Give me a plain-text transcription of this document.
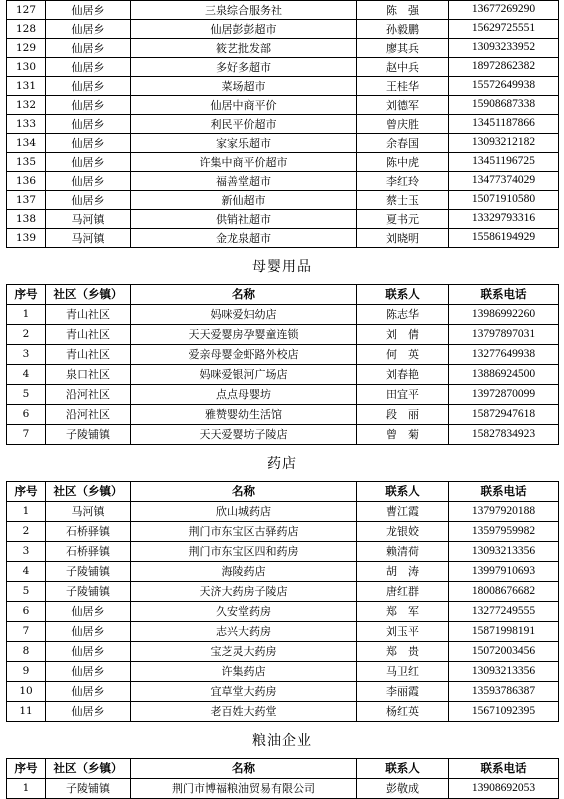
127	仙居乡	三泉综合服务社	陈　强	13677269290
128	仙居乡	仙居彭彭超市	孙毅鹏	15629725551
129	仙居乡	筱艺批发部	廖其兵	13093233952
130	仙居乡	多好多超市	赵中兵	18972862382
131	仙居乡	菜场超市	王桂华	15572649938
132	仙居乡	仙居中商平价	刘德军	15908687338
133	仙居乡	利民平价超市	曾庆胜	13451187866
134	仙居乡	家家乐超市	余春国	13093212182
135	仙居乡	许集中商平价超市	陈中虎	13451196725
136	仙居乡	福善堂超市	李红玲	13477374029
137	仙居乡	新仙超市	蔡士玉	15071910580
138	马河镇	供销社超市	夏书元	13329793316
139	马河镇	金龙泉超市	刘晓明	15586194929
母婴用品
序号	社区（乡镇）	名称	联系人	联系电话
1	青山社区	妈咪爱妇幼店	陈志华	13986992260
2	青山社区	天天爱婴房孕婴童连锁	刘　倩	13797897031
3	青山社区	爱亲母婴金虾路外校店	何　英	13277649938
4	泉口社区	妈咪爱银河广场店	刘春艳	13886924500
5	沿河社区	点点母婴坊	田宜平	13972870099
6	沿河社区	雅赞婴幼生活馆	段　丽	15872947618
7	子陵铺镇	天天爱婴坊子陵店	曾　菊	15827834923
药店
序号	社区（乡镇）	名称	联系人	联系电话
1	马河镇	欣山城药店	曹江霞	13797920188
2	石桥驿镇	荆门市东宝区古驿药店	龙银姣	13597959982
3	石桥驿镇	荆门市东宝区四和药房	赖清荷	13093213356
4	子陵铺镇	海陵药店	胡　涛	13997910693
5	子陵铺镇	天济大药房子陵店	唐红群	18008676682
6	仙居乡	久安堂药房	郑　军	13277249555
7	仙居乡	志兴大药房	刘玉平	15871998191
8	仙居乡	宝芝灵大药房	郑　贵	15072003456
9	仙居乡	许集药店	马卫红	13093213356
10	仙居乡	宜草堂大药房	李丽霞	13593786387
11	仙居乡	老百姓大药堂	杨红英	15671092395
粮油企业
序号	社区（乡镇）	名称	联系人	联系电话
1	子陵铺镇	荆门市博福粮油贸易有限公司	彭敬成	13908692053
